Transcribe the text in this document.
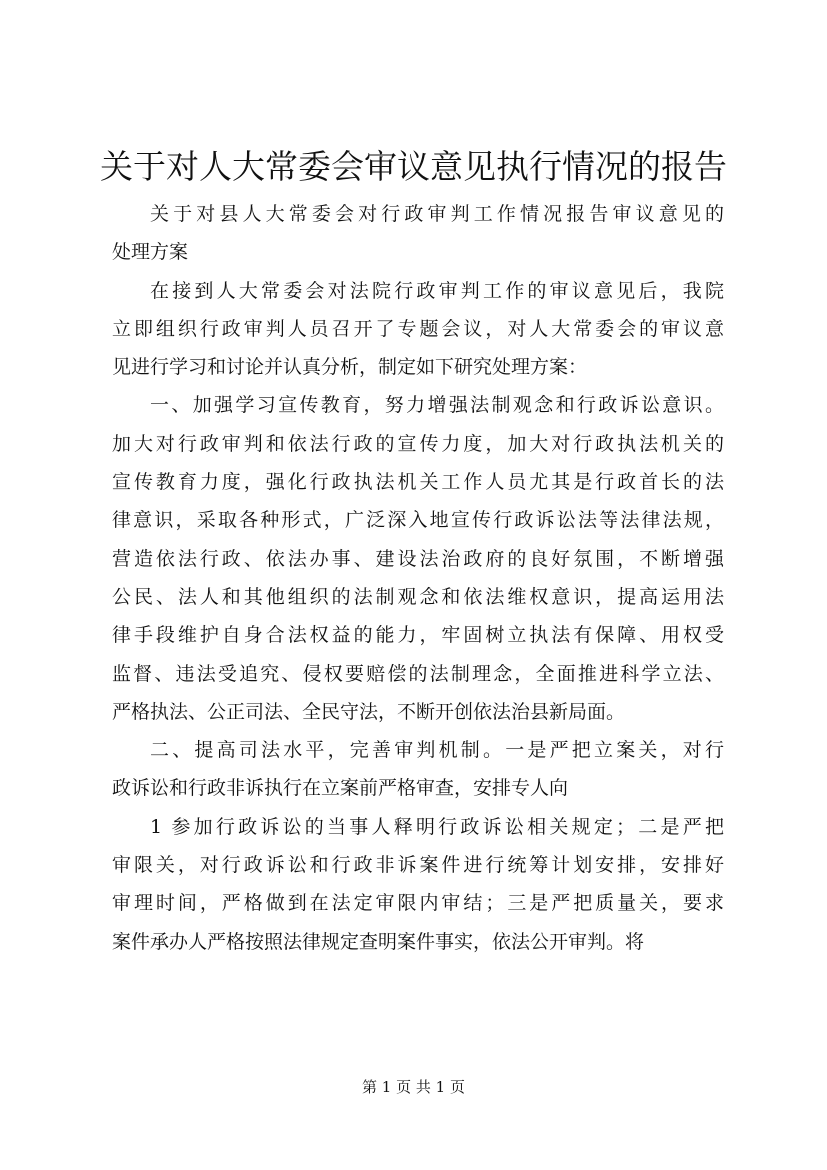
关于对人大常委会审议意见执行情况的报告
关于对县人大常委会对行政审判工作情况报告审议意见的
处理方案
在接到人大常委会对法院行政审判工作的审议意见后，我院
立即组织行政审判人员召开了专题会议，对人大常委会的审议意
见进行学习和讨论并认真分析，制定如下研究处理方案：
一、加强学习宣传教育，努力增强法制观念和行政诉讼意识。
加大对行政审判和依法行政的宣传力度，加大对行政执法机关的
宣传教育力度，强化行政执法机关工作人员尤其是行政首长的法
律意识，采取各种形式，广泛深入地宣传行政诉讼法等法律法规，
营造依法行政、依法办事、建设法治政府的良好氛围，不断增强
公民、法人和其他组织的法制观念和依法维权意识，提高运用法
律手段维护自身合法权益的能力，牢固树立执法有保障、用权受
监督、违法受追究、侵权要赔偿的法制理念，全面推进科学立法、
严格执法、公正司法、全民守法，不断开创依法治县新局面。
二、提高司法水平，完善审判机制。一是严把立案关，对行
政诉讼和行政非诉执行在立案前严格审查，安排专人向
1 参加行政诉讼的当事人释明行政诉讼相关规定；二是严把
审限关，对行政诉讼和行政非诉案件进行统筹计划安排，安排好
审理时间，严格做到在法定审限内审结；三是严把质量关，要求
案件承办人严格按照法律规定查明案件事实，依法公开审判。将
第 1 页 共 1 页
